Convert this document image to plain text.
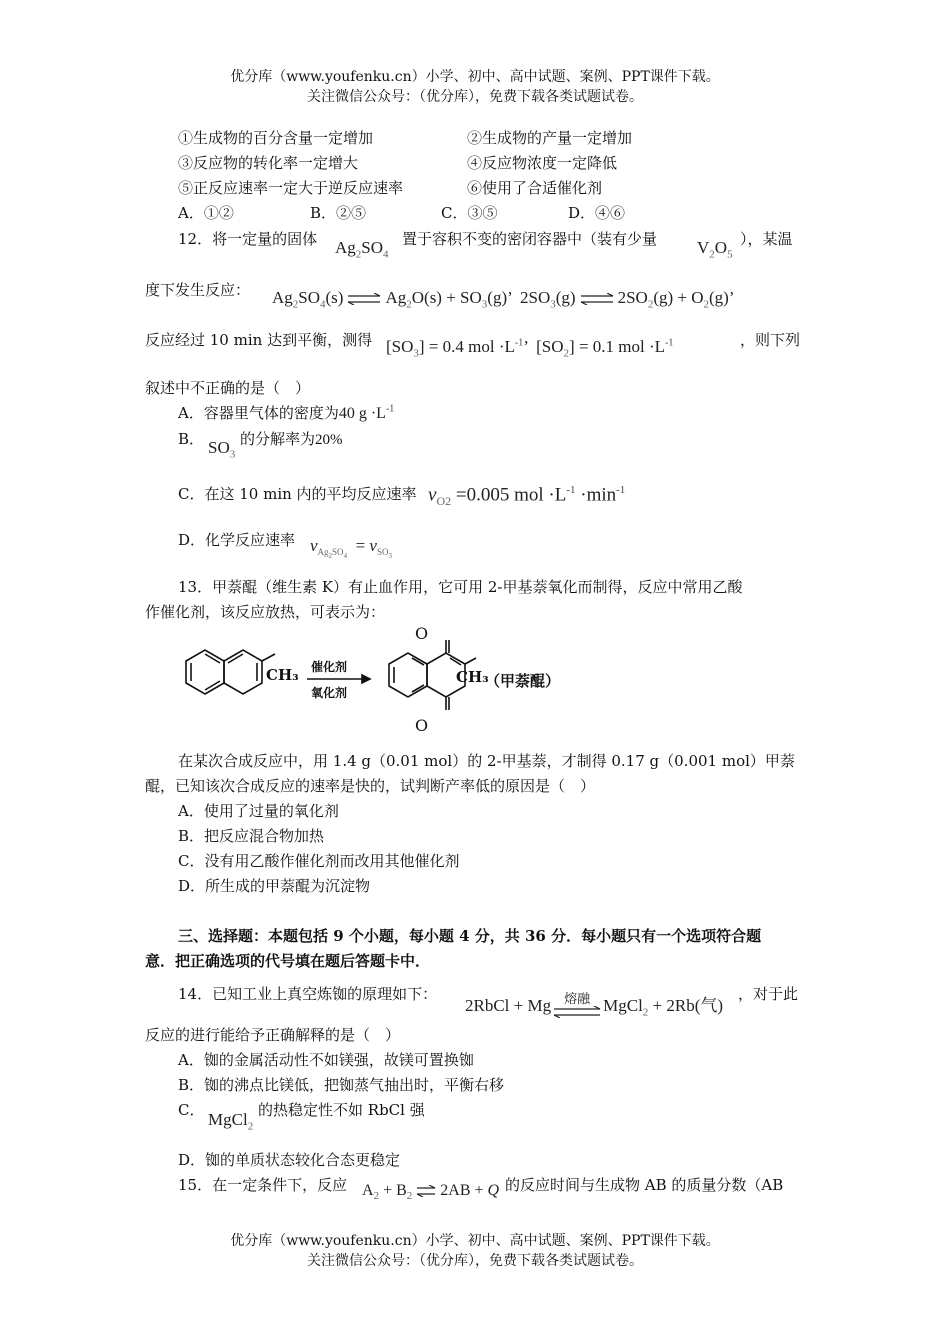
优分库（www.youfenku.cn）小学、初中、高中试题、案例、PPT课件下载。
关注微信公众号：（优分库），免费下载各类试题试卷。
①生成物的百分含量一定增加	②生成物的产量一定增加
③反应物的转化率一定增大	④反应物浓度一定降低
⑤正反应速率一定大于逆反应速率	⑥使用了合适催化剂
A．①②	B．②⑤	C．③⑤	D．④⑥
12．将一定量的固体 $Ag_2SO_4$
置于容积不变的密闭容器中（装有少量 $V_2O_5$
），某温
度下发生反应： $Ag_2SO_4(s)$ ⇌ $Ag_2O(s) + SO_3(g)$’  $2SO_3(g)$ ⇌ $2SO_2(g) + O_2(g)$’
反应经过 10 min 达到平衡，测得 $[SO_3] = 0.4$ mol $\cdot L^{-1}$’  $[SO_2] = 0.1$ mol $\cdot L^{-1}$	，则下列
叙述中不正确的是（　）
A．容器里气体的密度为40 $g \cdot L^{-1}$
B． $SO_3$
的分解率为20%
C．在这 10 min 内的平均反应速率 $v_{O2} =0.005$ mol $\cdot L^{-1} \cdot\min^{-1}$
D．化学反应速率 $v_{Ag_2SO_4} = v_{SO_3}$
13．甲萘醌（维生素 K）有止血作用，它可用 2-甲基萘氧化而制得，反应中常用乙酸
作催化剂，该反应放热，可表示为：
CH₃ 催化剂
氧化剂
O
O
CH₃
（甲萘醌）
在某次合成反应中，用 1.4 g（0.01 mol）的 2-甲基萘，才制得 0.17 g（0.001 mol）甲萘
醌，已知该次合成反应的速率是快的，试判断产率低的原因是（　）
A．使用了过量的氧化剂
B．把反应混合物加热
C．没有用乙酸作催化剂而改用其他催化剂
D．所生成的甲萘醌为沉淀物
三、选择题：本题包括 9 个小题，每小题 4 分，共 36 分．每小题只有一个选项符合题
意．把正确选项的代号填在题后答题卡中．
14．已知工业上真空炼铷的原理如下：
2RbCl + Mg 熔融 MgCl$_2$ + 2Rb(气)
，对于此
反应的进行能给予正确解释的是（　）
A．铷的金属活动性不如镁强，故镁可置换铷
B．铷的沸点比镁低，把铷蒸气抽出时，平衡右移
C． MgCl$_2$
的热稳定性不如 RbCl 强
D．铷的单质状态较化合态更稳定
15．在一定条件下，反应 $A_2 + B_2$ ⇌ 2AB + Q 的反应时间与生成物 AB 的质量分数（AB
优分库（www.youfenku.cn）小学、初中、高中试题、案例、PPT课件下载。
关注微信公众号：（优分库），免费下载各类试题试卷。
